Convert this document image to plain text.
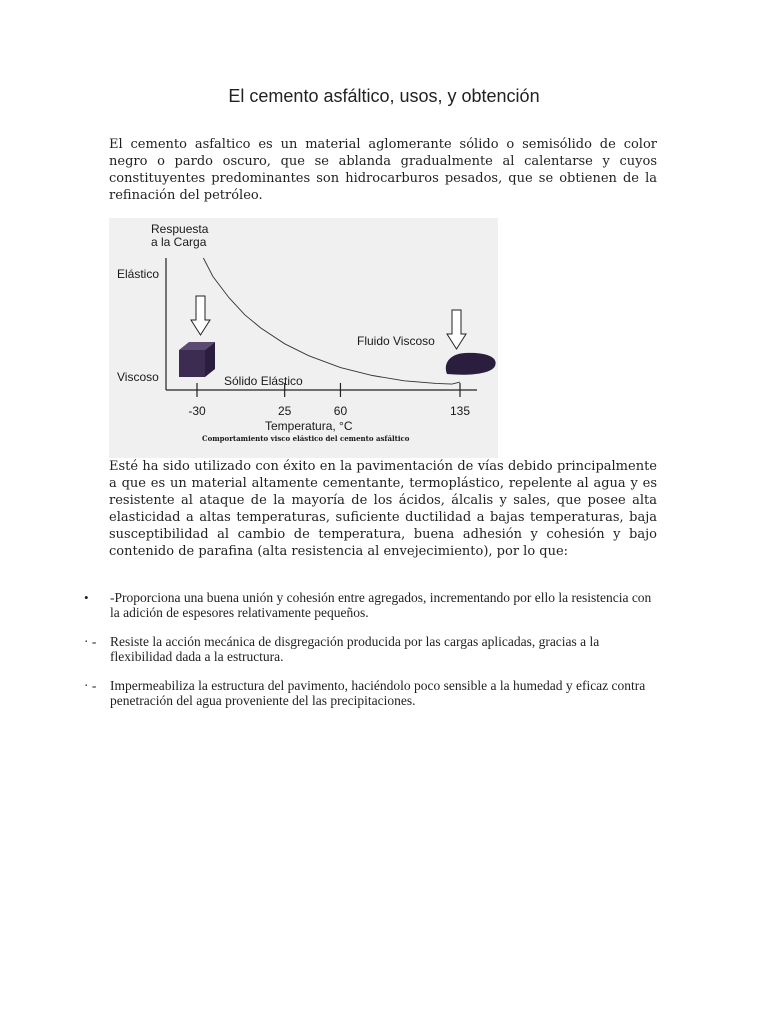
El cemento asfáltico, usos, y obtención

El cemento asfaltico es un material aglomerante sólido o semisólido de color negro o pardo oscuro, que se ablanda gradualmente al calentarse y cuyos constituyentes predominantes son hidrocarburos pesados, que se obtienen de la refinación del petróleo.

Respuesta
a la Carga
Elástico
Viscoso
-30	25	60	135
Temperatura, °C
Comportamiento visco elástico del cemento asfáltico
Sólido Elástico
Fluido Viscoso

Esté ha sido utilizado con éxito en la pavimentación de vías debido principalmente a que es un material altamente cementante, termoplástico, repelente al agua y es resistente al ataque de la mayoría de los ácidos, álcalis y sales, que posee alta elasticidad a altas temperaturas, suficiente ductilidad a bajas temperaturas, baja susceptibilidad al cambio de temperatura, buena adhesión y cohesión y bajo contenido de parafina (alta resistencia al envejecimiento), por lo que:

•	-Proporciona una buena unión y cohesión entre agregados, incrementando por ello la resistencia con la adición de espesores relativamente pequeños.
· -	Resiste la acción mecánica de disgregación producida por las cargas aplicadas, gracias a la flexibilidad dada a la estructura.
· -	Impermeabiliza la estructura del pavimento, haciéndolo poco sensible a la humedad y eficaz contra penetración del agua proveniente del las precipitaciones.
